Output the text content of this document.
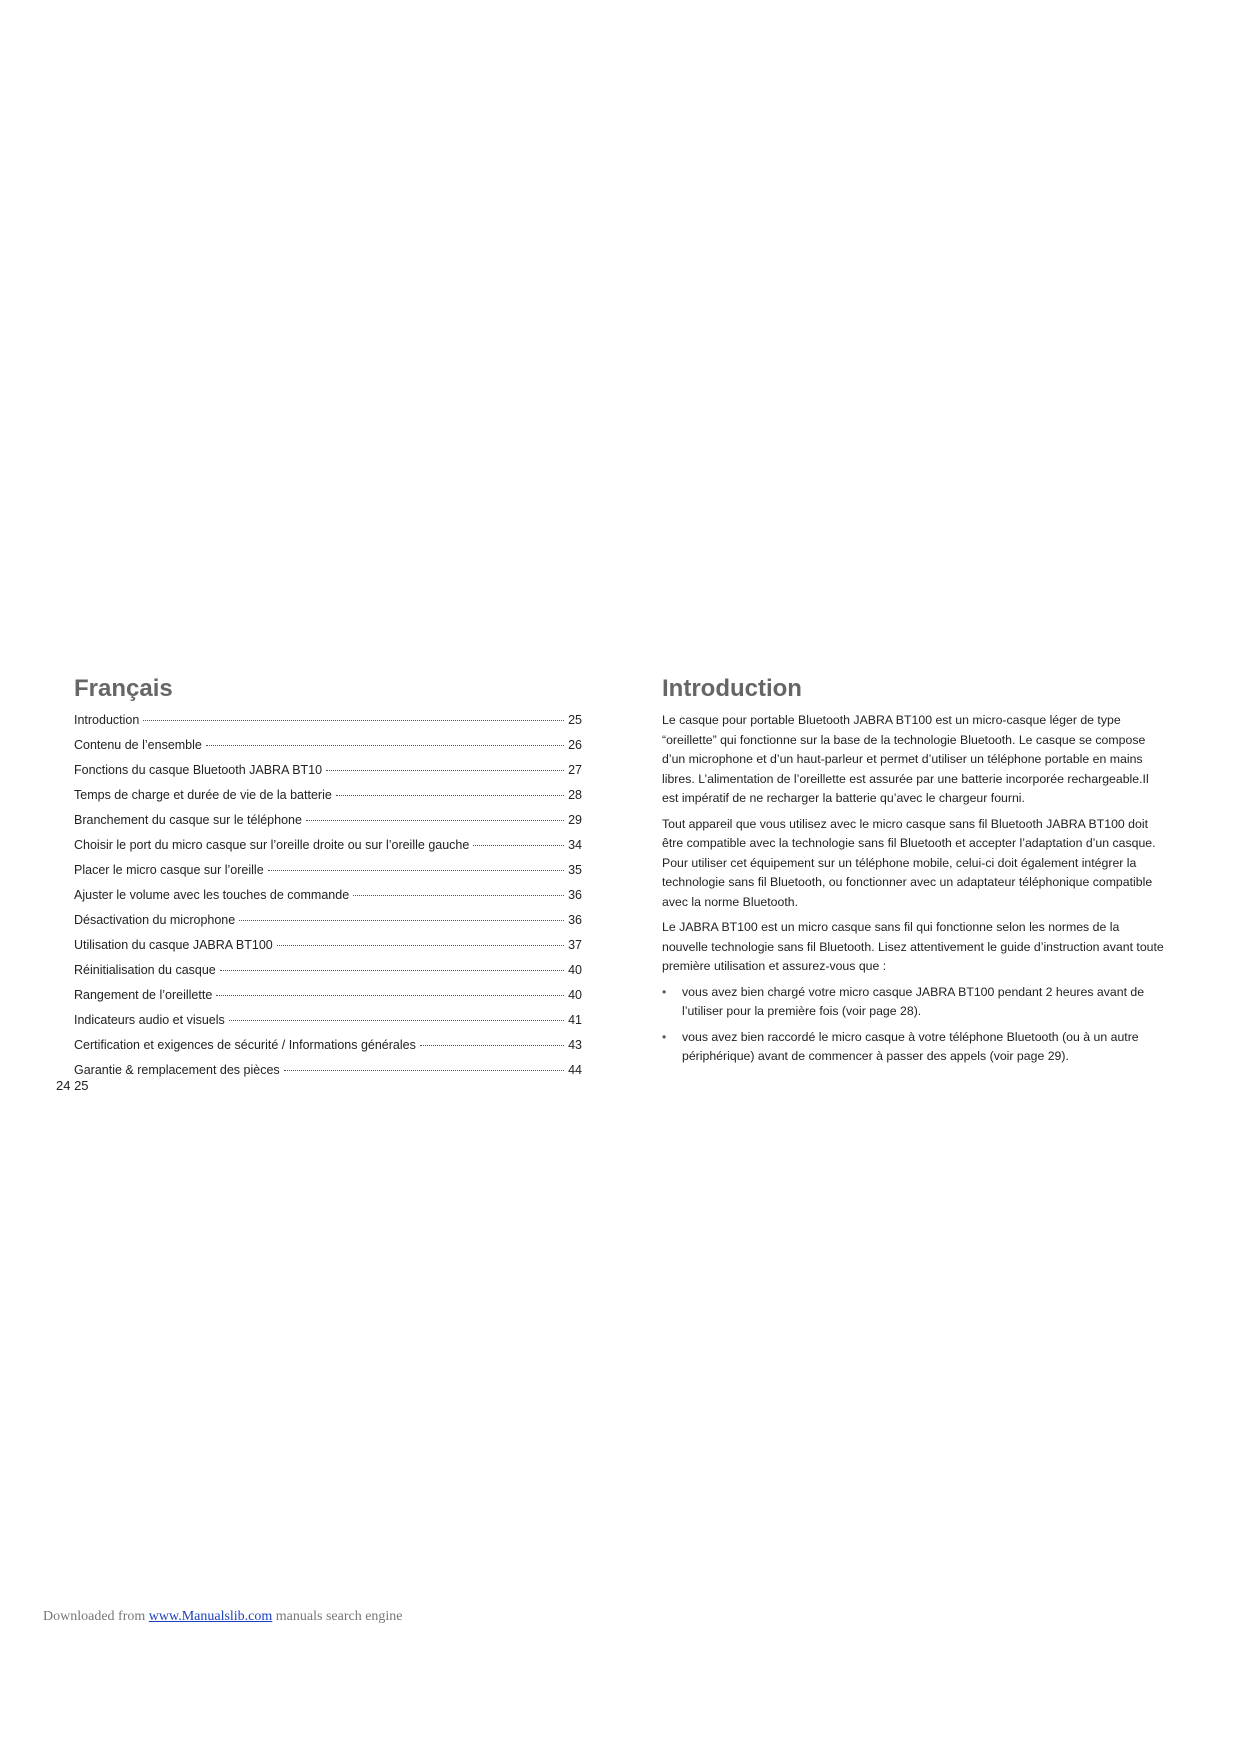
Français
Introduction	25
Contenu de l’ensemble	26
Fonctions du casque Bluetooth JABRA BT10	27
Temps de charge et durée de vie de la batterie	28
Branchement du casque sur le téléphone	29
Choisir le port du micro casque sur l’oreille droite ou sur l’oreille gauche	34
Placer le micro casque sur l’oreille	35
Ajuster le volume avec les touches de commande	36
Désactivation du microphone	36
Utilisation du casque JABRA BT100	37
Réinitialisation du casque	40
Rangement de l’oreillette	40
Indicateurs audio et visuels	41
Certification et exigences de sécurité / Informations générales	43
Garantie & remplacement des pièces	44
24 25
Introduction

Le casque pour portable Bluetooth JABRA BT100 est un micro-casque léger de type “oreillette” qui fonctionne sur la base de la technologie Bluetooth. Le casque se compose d’un microphone et d’un haut-parleur et permet d’utiliser un téléphone portable en mains libres. L’alimentation de l’oreillette est assurée par une batterie incorporée rechargeable.Il est impératif de ne recharger la batterie qu’avec le chargeur fourni.

Tout appareil que vous utilisez avec le micro casque sans fil Bluetooth JABRA BT100 doit être compatible avec la technologie sans fil Bluetooth et accepter l’adaptation d’un casque. Pour utiliser cet équipement sur un téléphone mobile, celui-ci doit également intégrer la technologie sans fil Bluetooth, ou fonctionner avec un adaptateur téléphonique compatible avec la norme Bluetooth.

Le JABRA BT100 est un micro casque sans fil qui fonctionne selon les normes de la nouvelle technologie sans fil Bluetooth. Lisez attentivement le guide d’instruction avant toute première utilisation et assurez-vous que :

• vous avez bien chargé votre micro casque JABRA BT100 pendant 2 heures avant de l’utiliser pour la première fois (voir page 28).
• vous avez bien raccordé le micro casque à votre téléphone Bluetooth (ou à un autre périphérique) avant de commencer à passer des appels (voir page 29).
Downloaded from www.Manualslib.com manuals search engine
